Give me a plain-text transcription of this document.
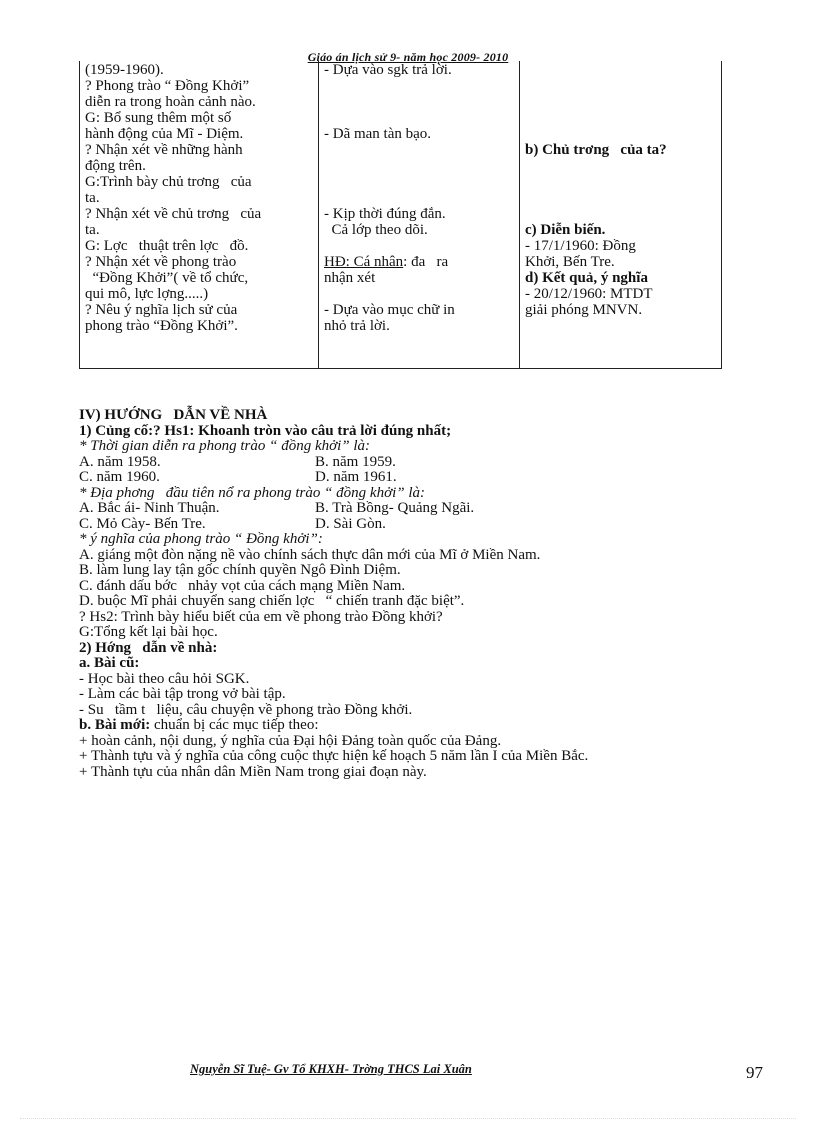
Giáo án lịch sử 9- năm học 2009- 2010
(1959-1960).
? Phong trào “ Đồng Khởi”
diễn ra trong hoàn cảnh nào.
G: Bổ sung thêm một số
hành động của Mĩ - Diệm.
? Nhận xét về những hành
động trên.
G:Trình bày chủ trơng   của
ta.
? Nhận xét về chủ trơng   của
ta.
G: Lợc   thuật trên lợc   đồ.
? Nhận xét về phong trào
“Đồng Khởi”( về tổ chức,
qui mô, lực lợng.....)
? Nêu ý nghĩa lịch sử của
phong trào “Đồng Khởi”.

- Dựa vào sgk trả lời.
- Dã man tàn bạo.
- Kịp thời đúng đắn.
Cả lớp theo dõi.
HĐ: Cá nhân: đa   ra
nhận xét
- Dựa vào mục chữ in
nhỏ trả lời.

b) Chủ trơng   của ta?
c) Diễn biến.
- 17/1/1960: Đồng
Khởi, Bến Tre.
d) Kết quả, ý nghĩa
- 20/12/1960: MTDT
giải phóng MNVN.
IV) HƯỚNG   DẪN VỀ NHÀ
1) Củng cố:? Hs1: Khoanh tròn vào câu trả lời đúng nhất;
* Thời gian diễn ra phong trào “ đồng khởi” là:
A. năm 1958.	B. năm 1959.
C. năm 1960.	D. năm 1961.
* Địa phơng   đầu tiên nổ ra phong trào “ đồng khởi” là:
A. Bắc ái- Ninh Thuận.	B. Trà Bồng- Quảng Ngãi.
C. Mỏ Cày- Bến Tre.	D. Sài Gòn.
* ý nghĩa của phong trào “ Đồng khởi”:
A. giáng một đòn nặng nề vào chính sách thực dân mới của Mĩ ở Miền Nam.
B. làm lung lay tận gốc chính quyền Ngô Đình Diệm.
C. đánh dấu bớc   nhảy vọt của cách mạng Miền Nam.
D. buộc Mĩ phải chuyển sang chiến lợc   “ chiến tranh đặc biệt”.
? Hs2: Trình bày hiểu biết của em về phong trào Đồng khởi?
G:Tổng kết lại bài học.
2) Hớng   dẫn về nhà:
a. Bài cũ:
- Học bài theo câu hỏi SGK.
- Làm các bài tập trong vở bài tập.
- Su   tầm t   liệu, câu chuyện về phong trào Đồng khởi.
b. Bài mới: chuẩn bị các mục tiếp theo:
+ hoàn cảnh, nội dung, ý nghĩa của Đại hội Đảng toàn quốc của Đảng.
+ Thành tựu và ý nghĩa của công cuộc thực hiện kế hoạch 5 năm lần I của Miền Bắc.
+ Thành tựu của nhân dân Miền Nam trong giai đoạn này.
Nguyễn Sĩ Tuệ- Gv Tổ KHXH- Trờng THCS Lai Xuân	97
